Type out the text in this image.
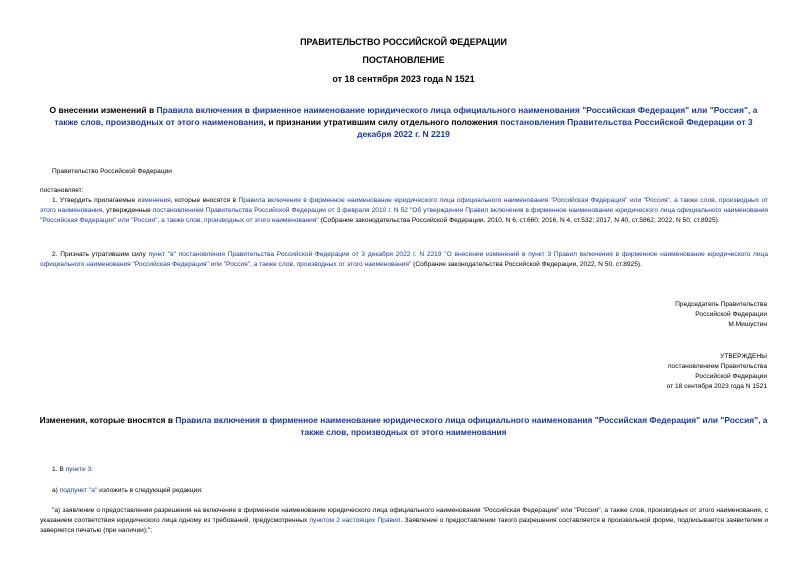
ПРАВИТЕЛЬСТВО РОССИЙСКОЙ ФЕДЕРАЦИИ
ПОСТАНОВЛЕНИЕ
от 18 сентября 2023 года N 1521
О внесении изменений в Правила включения в фирменное наименование юридического лица официального наименования "Российская Федерация" или "Россия", а также слов, производных от этого наименования, и признании утратившим силу отдельного положения постановления Правительства Российской Федерации от 3 декабря 2022 г. N 2219
Правительство Российской Федерации
постановляет:
1. Утвердить прилагаемые изменения, которые вносятся в Правила включения в фирменное наименование юридического лица официального наименования "Российская Федерация" или "Россия", а также слов, производных от этого наименования, утвержденные постановлением Правительства Российской Федерации от 3 февраля 2010 г. N 52 "Об утверждении Правил включения в фирменное наименование юридического лица официального наименования "Российская Федерация" или "Россия", а также слов, производных от этого наименования" (Собрание законодательства Российской Федерации, 2010, N 6, ст.660; 2016, N 4, ст.532; 2017, N 40, ст.5862; 2022, N 50, ст.8925).
2. Признать утратившим силу пункт "в" постановления Правительства Российской Федерации от 3 декабря 2022 г. N 2219 "О внесении изменений в пункт 3 Правил включения в фирменное наименование юридического лица официального наименования "Российская Федерация" или "Россия", а также слов, производных от этого наименования" (Собрание законодательства Российской Федерации, 2022, N 50, ст.8925).
Председатель Правительства
Российской Федерации
М.Мишустин
УТВЕРЖДЕНЫ
постановлением Правительства
Российской Федерации
от 18 сентября 2023 года N 1521
Изменения, которые вносятся в Правила включения в фирменное наименование юридического лица официального наименования "Российская Федерация" или "Россия", а также слов, производных от этого наименования
1. В пункте 3:
а) подпункт "а" изложить в следующей редакции:
"а) заявление о предоставлении разрешения на включение в фирменное наименование юридического лица официального наименования "Российская Федерация" или "Россия", а также слов, производных от этого наименования, с указанием соответствия юридического лица одному из требований, предусмотренных пунктом 2 настоящих Правил. Заявление о предоставлении такого разрешения составляется в произвольной форме, подписывается заявителем и заверяется печатью (при наличии);";
